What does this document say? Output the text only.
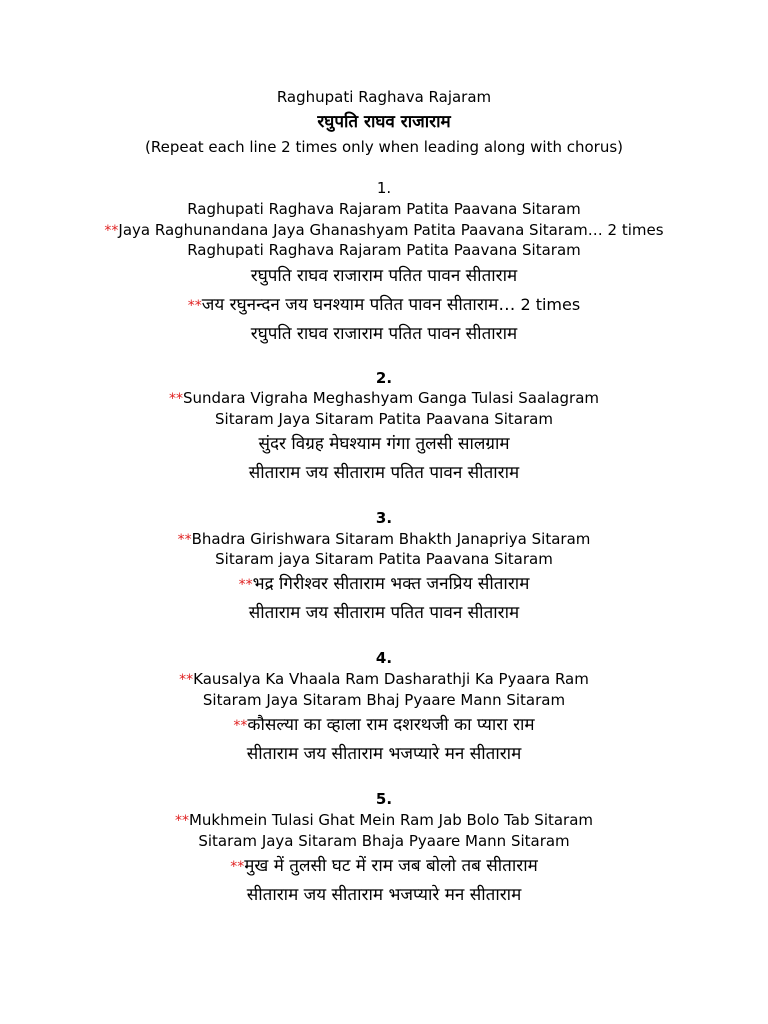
Raghupati Raghava Rajaram
रघुपति राघव राजाराम
(Repeat each line 2 times only when leading along with chorus)
1.
Raghupati Raghava Rajaram Patita Paavana Sitaram
**Jaya Raghunandana Jaya Ghanashyam Patita Paavana Sitaram… 2 times
Raghupati Raghava Rajaram Patita Paavana Sitaram
रघुपति राघव राजाराम पतित पावन सीताराम
**जय रघुनन्दन जय घनश्याम पतित पावन सीताराम… 2 times
रघुपति राघव राजाराम पतित पावन सीताराम
2.
**Sundara Vigraha Meghashyam Ganga Tulasi Saalagram
Sitaram Jaya Sitaram Patita Paavana Sitaram
सुंदर विग्रह मेघश्याम गंगा तुलसी सालग्राम
सीताराम जय सीताराम पतित पावन सीताराम
3.
**Bhadra Girishwara Sitaram Bhakth Janapriya Sitaram
Sitaram jaya Sitaram Patita Paavana Sitaram
**भद्र गिरीश्वर सीताराम भक्त जनप्रिय सीताराम
सीताराम जय सीताराम पतित पावन सीताराम
4.
**Kausalya Ka Vhaala Ram Dasharathji Ka Pyaara Ram
Sitaram Jaya Sitaram Bhaj Pyaare Mann Sitaram
**कौसल्या का व्हाला राम दशरथजी का प्यारा राम
सीताराम जय सीताराम भजप्यारे मन सीताराम
5.
**Mukhmein Tulasi Ghat Mein Ram Jab Bolo Tab Sitaram
Sitaram Jaya Sitaram Bhaja Pyaare Mann Sitaram
**मुख में तुलसी घट में राम जब बोलो तब सीताराम
सीताराम जय सीताराम भजप्यारे मन सीताराम
